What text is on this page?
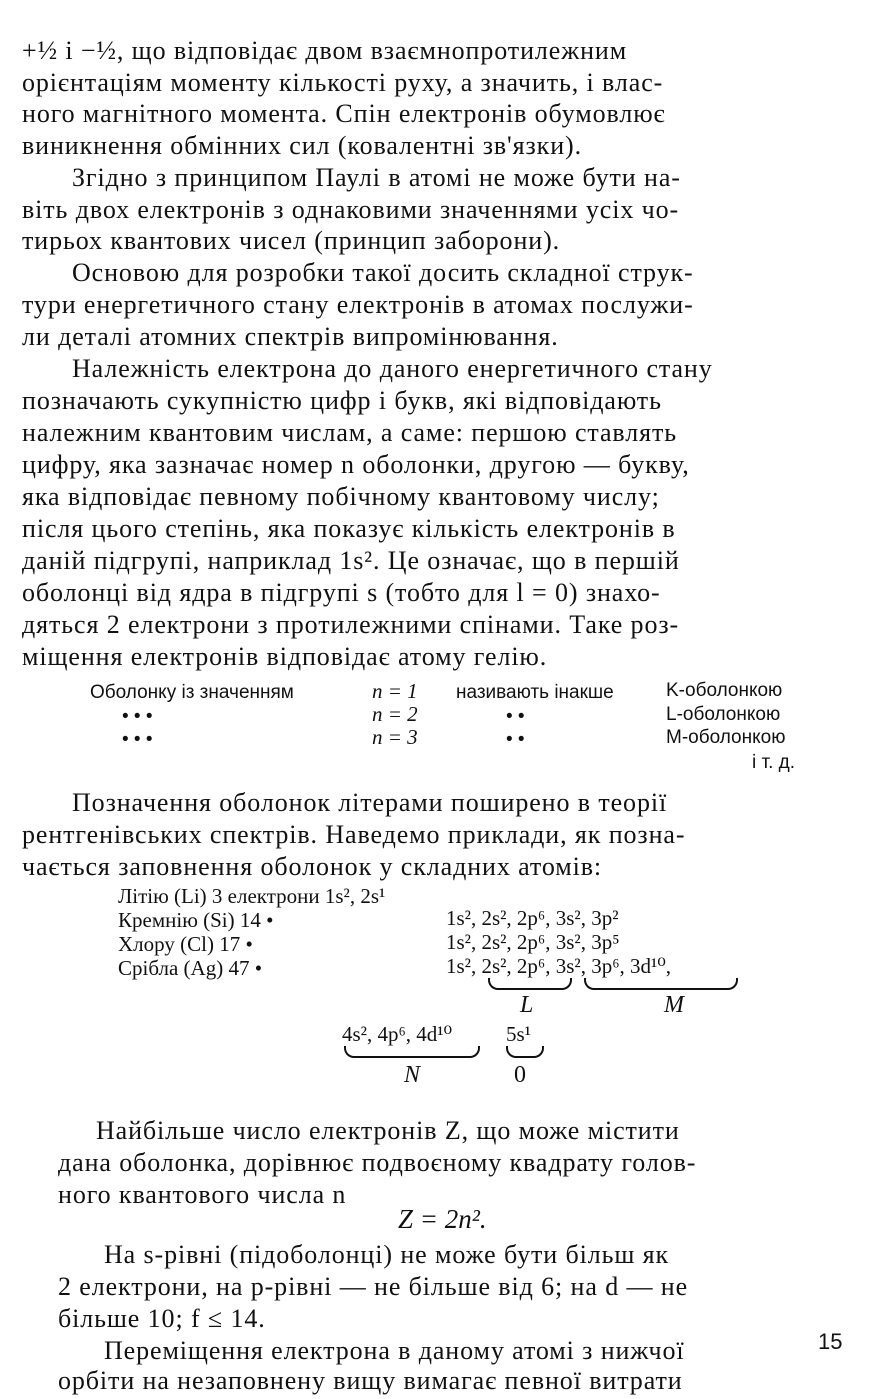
+½ і −½, що відповідає двом взаємнопротилежним
орієнтаціям моменту кількості руху, а значить, і влас-
ного магнітного момента. Спін електронів обумовлює
виникнення обмінних сил (ковалентні зв'язки).
Згідно з принципом Паулі в атомі не може бути на-
віть двох електронів з однаковими значеннями усіх чо-
тирьох квантових чисел (принцип заборони).
Основою для розробки такої досить складної струк-
тури енергетичного стану електронів в атомах послужи-
ли деталі атомних спектрів випромінювання.
Належність електрона до даного енергетичного стану
позначають сукупністю цифр і букв, які відповідають
належним квантовим числам, а саме: першою ставлять
цифру, яка зазначає номер n оболонки, другою — букву,
яка відповідає певному побічному квантовому числу;
після цього степінь, яка показує кількість електронів в
даній підгрупі, наприклад 1s². Це означає, що в першій
оболонці від ядра в підгрупі s (тобто для l = 0) знахо-
дяться 2 електрони з протилежними спінами. Таке роз-
міщення електронів відповідає атому гелію.
Оболонку із значенням	n = 1 називають інакше	K-оболонкою
• • •	n = 2	• •	L-оболонкою
• • •	n = 3	• •	M-оболонкою
і т. д.
Позначення оболонок літерами поширено в теорії
рентгенівських спектрів. Наведемо приклади, як позна-
чається заповнення оболонок у складних атомів:
Літію (Li) 3 електрони 1s², 2s¹
Кремнію (Si) 14 •	1s², 2s², 2p⁶, 3s², 3p²
Хлору (Cl) 17 •	1s², 2s², 2p⁶, 3s², 3p⁵
Срібла (Ag) 47 •	1s², 2s², 2p⁶, 3s², 3p⁶, 3d¹⁰,
L	M
4s², 4p⁶, 4d¹⁰
N
5s¹
0
Найбільше число електронів Z, що може містити
дана оболонка, дорівнює подвоєному квадрату голов-
ного квантового числа n
Z = 2n².
На s-рівні (підоболонці) не може бути більш як
2 електрони, на p-рівні — не більше від 6; на d — не
більше 10; f ≤ 14.
Переміщення електрона в даному атомі з нижчої
орбіти на незаповнену вищу вимагає певної витрати
15
